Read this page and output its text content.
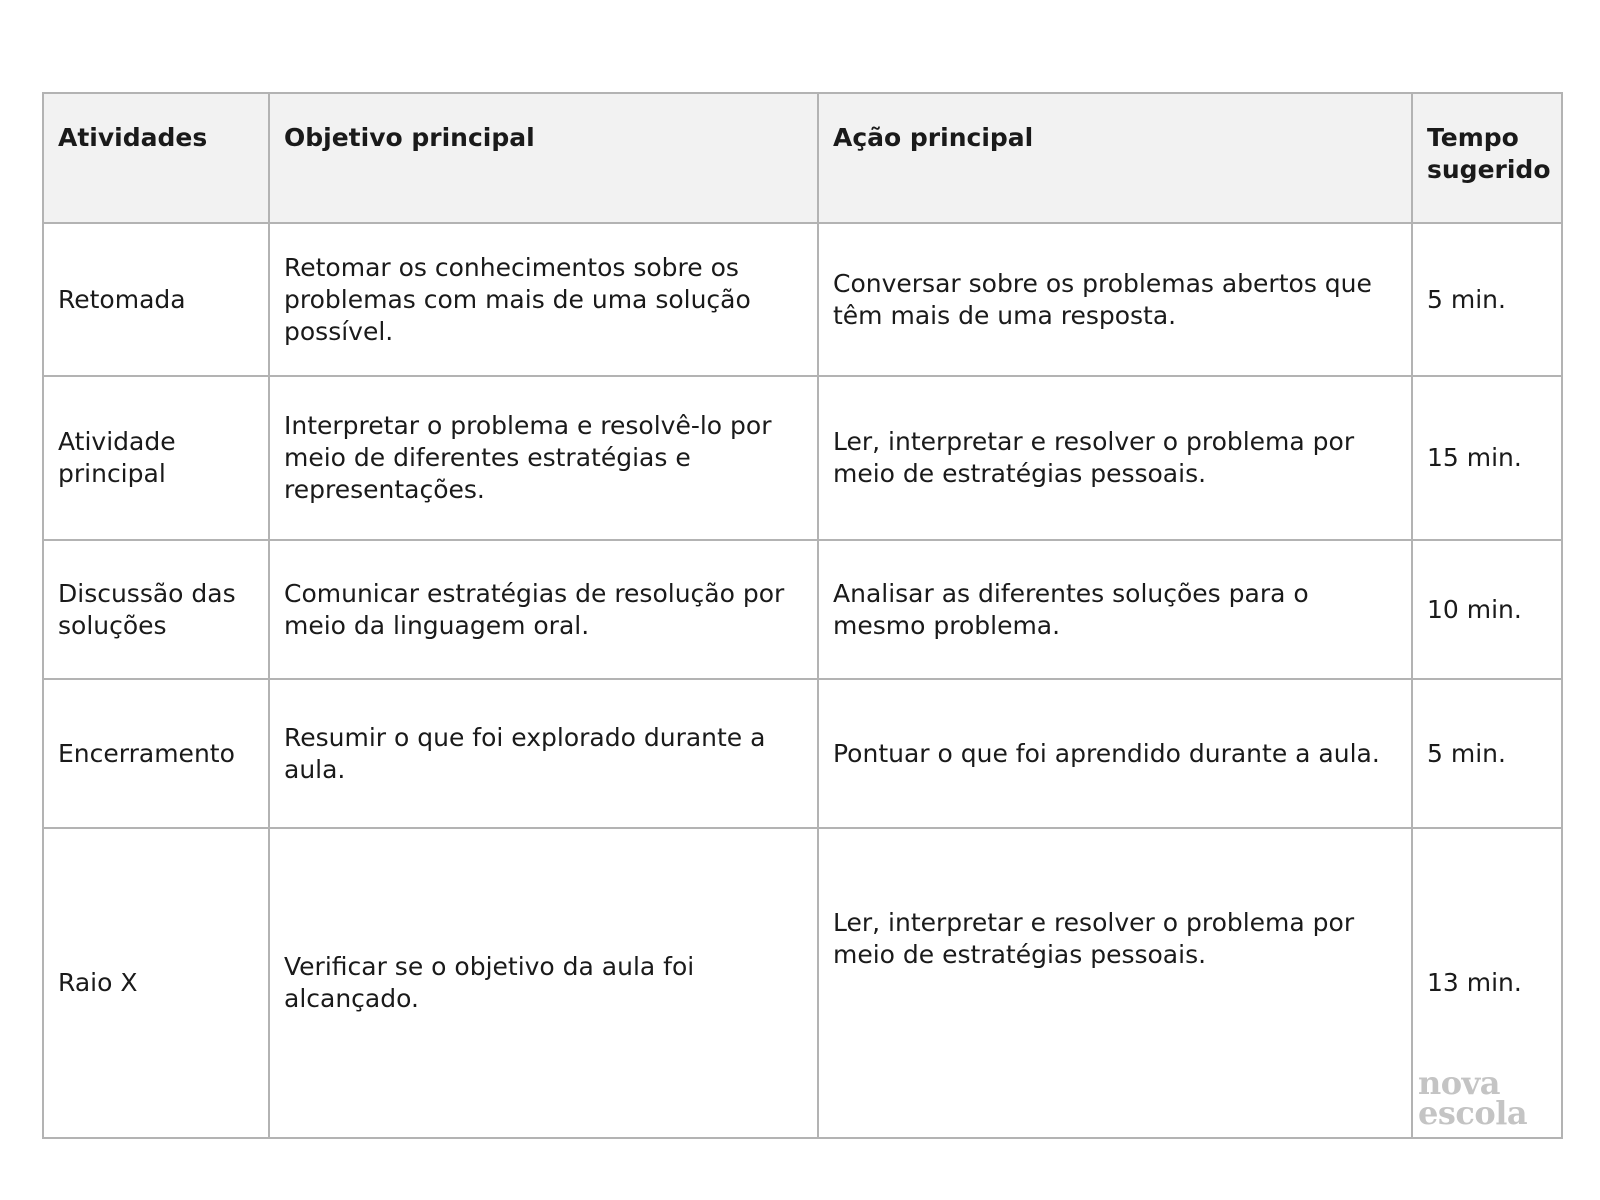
Atividades	Objetivo principal	Ação principal	Tempo sugerido
Retomada	Retomar os conhecimentos sobre os problemas com mais de uma solução possível.	Conversar sobre os problemas abertos que têm mais de uma resposta.	5 min.
Atividade principal	Interpretar o problema e resolvê-lo por meio de diferentes estratégias e representações.	Ler, interpretar e resolver o problema por meio de estratégias pessoais.	15 min.
Discussão das soluções	Comunicar estratégias de resolução por meio da linguagem oral.	Analisar as diferentes soluções para o mesmo problema.	10 min.
Encerramento	Resumir o que foi explorado durante a aula.	Pontuar o que foi aprendido durante a aula.	5 min.
Raio X	Verificar se o objetivo da aula foi alcançado.	Ler, interpretar e resolver o problema por meio de estratégias pessoais.	13 min.
nova
escola
